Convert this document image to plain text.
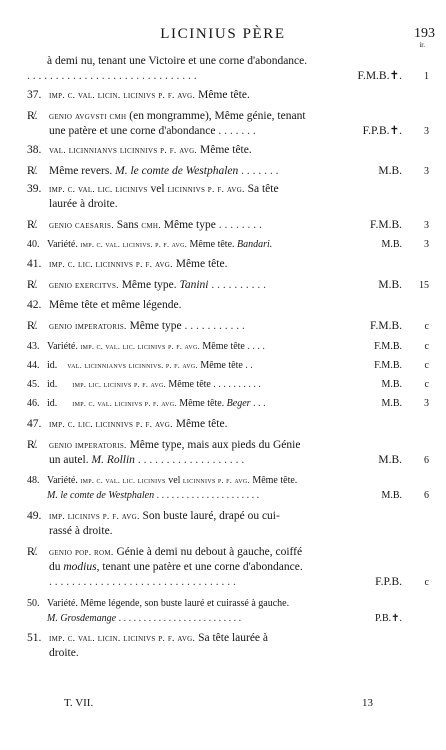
LICINIUS PÈRE	193
ir.
à demi nu, tenant une Victoire et une corne d'abondance.
. . . . . . . . . . . . . . . . . . . . . . . . . . . . . .	F.M.B.✝. 1
37. imp. c. val. licin. licinivs p. f. avg. Même tête.
R̸. genio avgvsti cmh (en mongramme), Même génie, tenant
une patère et une corne d'abondance . . . . . . .	F.P.B.✝. 3
38. val. licinnianvs licinnivs p. f. avg. Même tête.
R̸. Même revers. M. le comte de Westphalen . . . . . . .	M.B. 3
39. imp. c. val. lic. licinivs vel licinnivs p. f. avg. Sa tête
laurée à droite.
R̸. genio caesaris. Sans cmh. Même type . . . . . . . .	F.M.B. 3
40. Variété. imp. c. val. licinivs. p. f. avg. Même tête. Bandari.	M.B. 3
41. imp. c. lic. licinnivs p. f. avg. Même tête.
R̸. genio exercitvs. Même type. Tanini . . . . . . . . . .	M.B. 15
42. Même tête et même légende.
R̸. genio imperatoris. Même type . . . . . . . . . . .	F.M.B. c
43. Variété. imp. c. val. lic. licinivs p. f. avg. Même tête . . . .	F.M.B. c
44. id.    val. licinnianvs licinnivs. p. f. avg. Même tête . .	F.M.B. c
45. id.      imp. lic. licinivs p. f. avg. Même tête . . . . . . . . . .	M.B. c
46. id.      imp. c. val. licinivs p. f. avg. Même tête. Beger . . .	M.B. 3
47. imp. c. lic. licinnivs p. f. avg. Même tête.
R̸. genio imperatoris. Même type, mais aux pieds du Génie
un autel. M. Rollin . . . . . . . . . . . . . . . . . . .	M.B. 6
48. Variété. imp. c. val. lic. licinivs vel licinnivs p. f. avg. Même tête.
M. le comte de Westphalen . . . . . . . . . . . . . . . . . . . . .	M.B. 6
49. imp. licinivs p. f. avg. Son buste lauré, drapé ou cui-
rassé à droite.
R̸. genio pop. rom. Génie à demi nu debout à gauche, coiffé
du modius, tenant une patère et une corne d'abondance.
. . . . . . . . . . . . . . . . . . . . . . . . . . . . . . . . .	F.P.B. c
50. Variété. Même légende, son buste lauré et cuirassé à gauche.
M. Grosdemange . . . . . . . . . . . . . . . . . . . . . . . . .	P.B.✝.
51. imp. c. val. licin. licinivs p. f. avg. Sa tête laurée à
droite.
T. VII.	13
